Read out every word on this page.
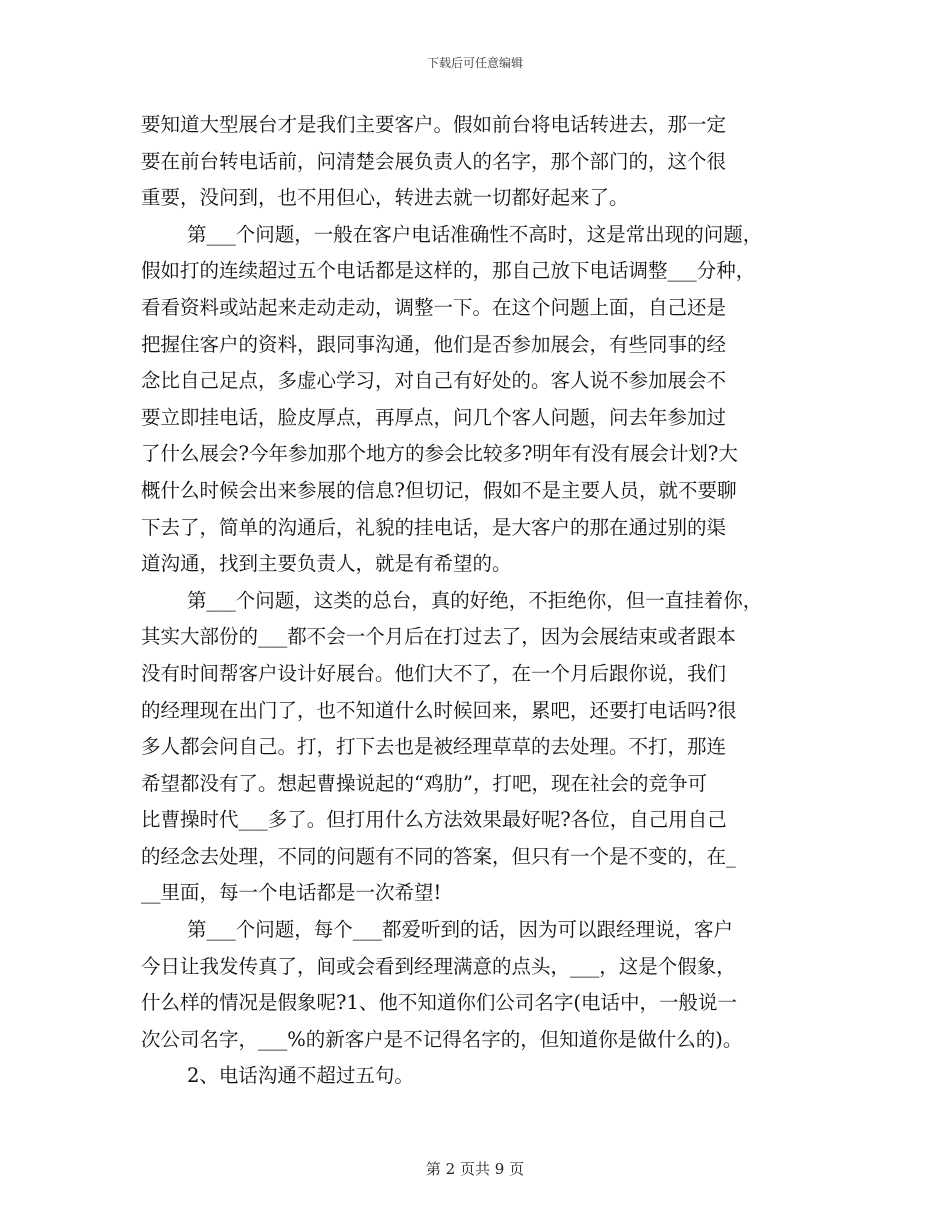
下载后可任意编辑
要知道大型展台才是我们主要客户。假如前台将电话转进去，那一定
要在前台转电话前，问清楚会展负责人的名字，那个部门的，这个很
重要，没问到，也不用但心，转进去就一切都好起来了。
第___个问题，一般在客户电话准确性不高时，这是常出现的问题，
假如打的连续超过五个电话都是这样的，那自己放下电话调整___分种，
看看资料或站起来走动走动，调整一下。在这个问题上面，自己还是
把握住客户的资料，跟同事沟通，他们是否参加展会，有些同事的经
念比自己足点，多虚心学习，对自己有好处的。客人说不参加展会不
要立即挂电话，脸皮厚点，再厚点，问几个客人问题，问去年参加过
了什么展会?今年参加那个地方的参会比较多?明年有没有展会计划?大
概什么时候会出来参展的信息?但切记，假如不是主要人员，就不要聊
下去了，简单的沟通后，礼貌的挂电话，是大客户的那在通过别的渠
道沟通，找到主要负责人，就是有希望的。
第___个问题，这类的总台，真的好绝，不拒绝你，但一直挂着你，
其实大部份的___都不会一个月后在打过去了，因为会展结束或者跟本
没有时间帮客户设计好展台。他们大不了，在一个月后跟你说，我们
的经理现在出门了，也不知道什么时候回来，累吧，还要打电话吗?很
多人都会问自己。打，打下去也是被经理草草的去处理。不打，那连
希望都没有了。想起曹操说起的“鸡肋”，打吧，现在社会的竞争可
比曹操时代___多了。但打用什么方法效果最好呢?各位，自己用自己
的经念去处理，不同的问题有不同的答案，但只有一个是不变的，在_
__里面，每一个电话都是一次希望!
第___个问题，每个___都爱听到的话，因为可以跟经理说，客户
今日让我发传真了，间或会看到经理满意的点头，___，这是个假象，
什么样的情况是假象呢?1、他不知道你们公司名字(电话中，一般说一
次公司名字，___%的新客户是不记得名字的，但知道你是做什么的)。
2、电话沟通不超过五句。
第 2 页共 9 页
